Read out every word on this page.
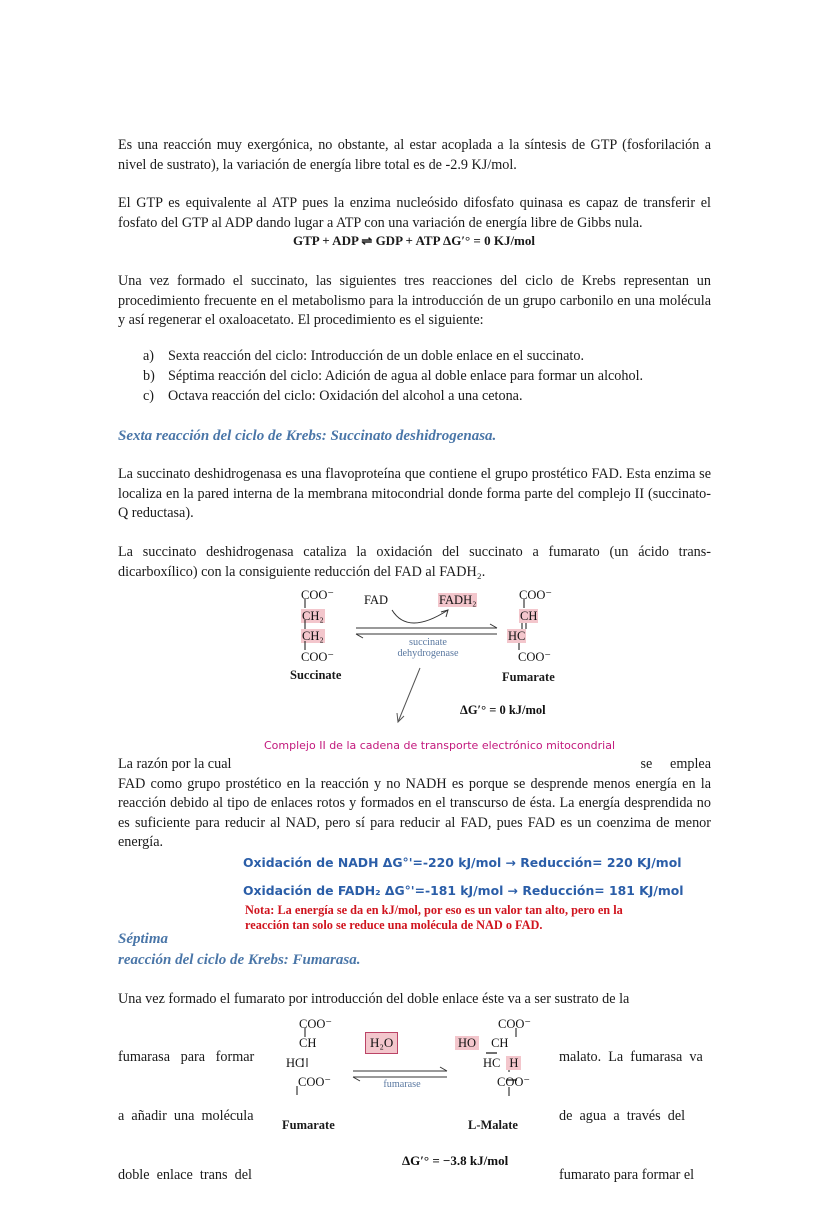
Es una reacción muy exergónica, no obstante, al estar acoplada a la síntesis de GTP (fosforilación a nivel de sustrato), la variación de energía libre total es de -2.9 KJ/mol.
El GTP es equivalente al ATP pues la enzima nucleósido difosfato quinasa es capaz de transferir el fosfato del GTP al ADP dando lugar a ATP con una variación de energía libre de Gibbs nula.
GTP + ADP ⇌ GDP + ATP ΔG′° = 0 KJ/mol
Una vez formado el succinato, las siguientes tres reacciones del ciclo de Krebs representan un procedimiento frecuente en el metabolismo para la introducción de un grupo carbonilo en una molécula y así regenerar el oxaloacetato. El procedimiento es el siguiente:
a) Sexta reacción del ciclo: Introducción de un doble enlace en el succinato.
b) Séptima reacción del ciclo: Adición de agua al doble enlace para formar un alcohol.
c) Octava reacción del ciclo: Oxidación del alcohol a una cetona.
Sexta reacción del ciclo de Krebs: Succinato deshidrogenasa.
La succinato deshidrogenasa es una flavoproteína que contiene el grupo prostético FAD. Esta enzima se localiza en la pared interna de la membrana mitocondrial donde forma parte del complejo II (succinato-Q reductasa).
La succinato deshidrogenasa cataliza la oxidación del succinato a fumarato (un ácido trans-dicarboxílico) con la consiguiente reducción del FAD al FADH₂.
COO⁻
CH₂
CH₂
COO⁻
Succinate
FAD	FADH₂
succinate
dehydrogenase
COO⁻
CH
HC
COO⁻
Fumarate
ΔG′° = 0 kJ/mol
Complejo II de la cadena de transporte electrónico mitocondrial
La razón por la cual	se     emplea
FAD como grupo prostético en la reacción y no NADH es porque se desprende menos energía en la reacción debido al tipo de enlaces rotos y formados en el transcurso de ésta. La energía desprendida no es suficiente para reducir al NAD, pero sí para reducir al FAD, pues FAD es un coenzima de menor energía.
Oxidación de NADH ΔG°'=-220 kJ/mol → Reducción= 220 KJ/mol
Oxidación de FADH₂ ΔG°'=-181 kJ/mol → Reducción= 181 KJ/mol
Nota: La energía se da en kJ/mol, por eso es un valor tan alto, pero en la reacción tan solo se reduce una molécula de NAD o FAD.
Séptima
reacción del ciclo de Krebs: Fumarasa.
Una vez formado el fumarato por introducción del doble enlace éste va a ser sustrato de la

fumarasa   para   formar

a  añadir  una  molécula

doble  enlace  trans  del

malato.  La  fumarasa  va

de  agua  a  través  del

fumarato para formar el

COO⁻
CH
HC
COO⁻
Fumarate
H₂O
fumarase
COO⁻
HO CH
HC H
COO⁻
L-Malate
ΔG′° = −3.8 kJ/mol
